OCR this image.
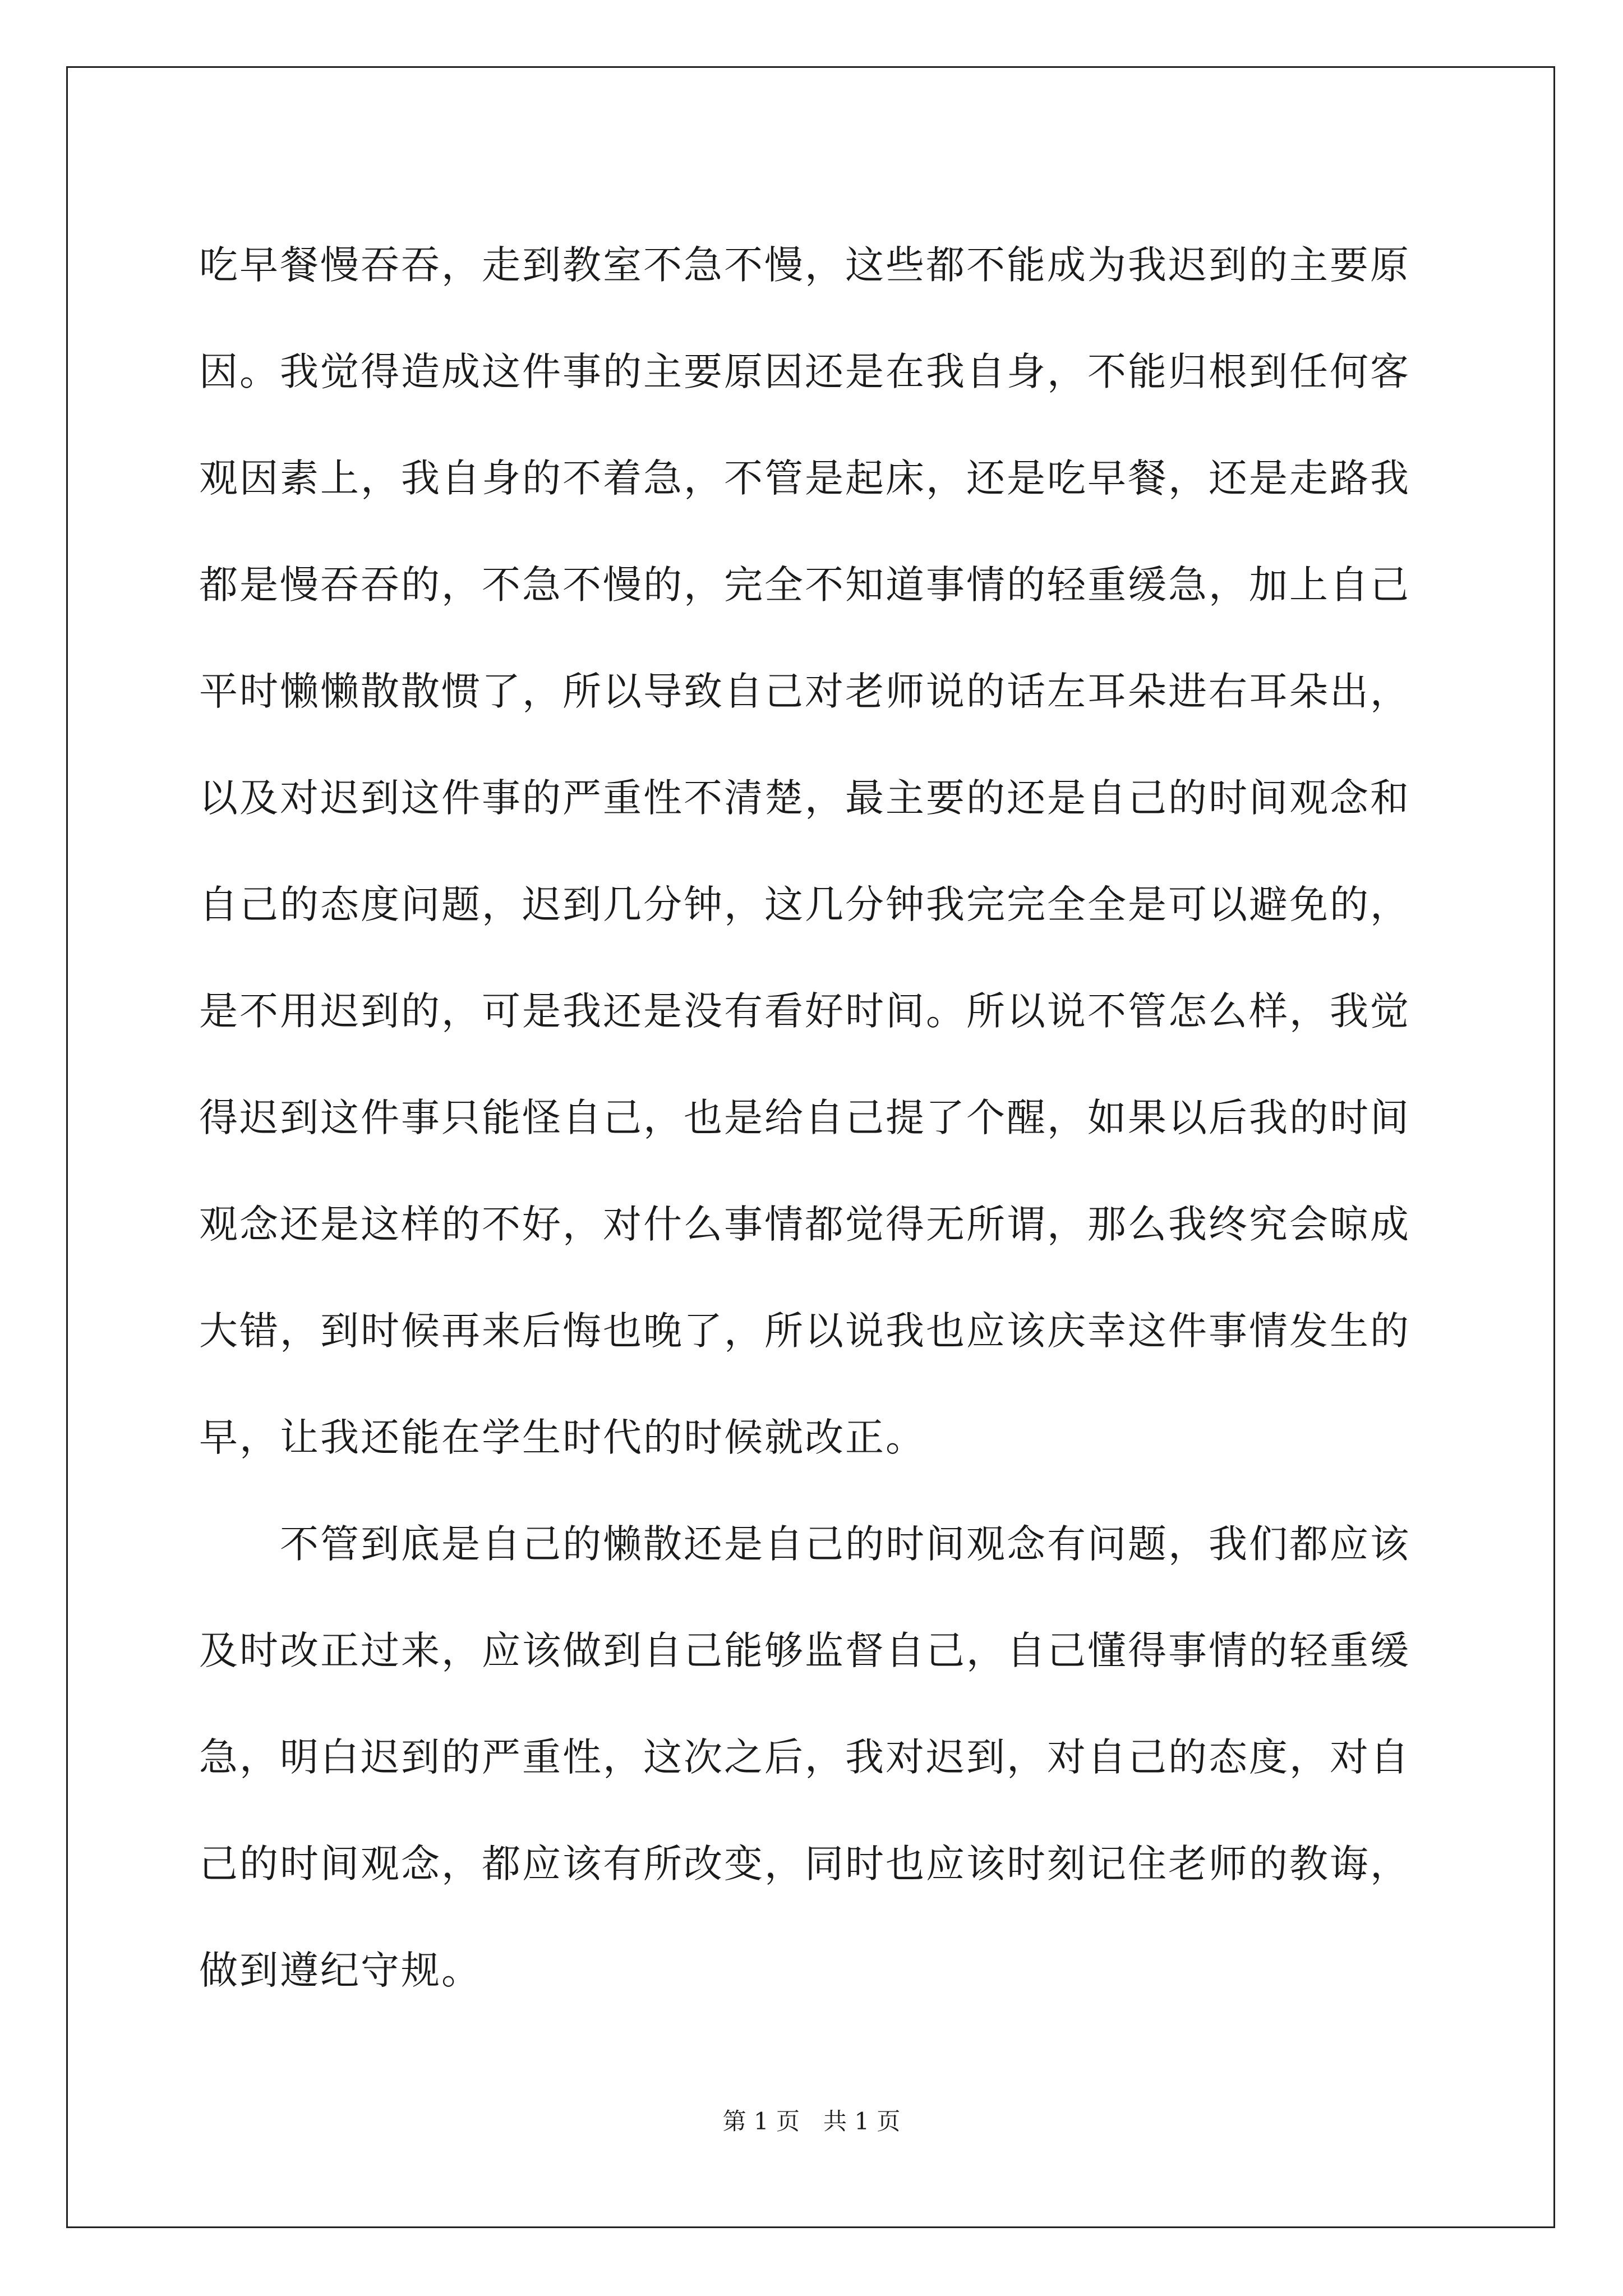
吃早餐慢吞吞，走到教室不急不慢，这些都不能成为我迟到的主要原
因。我觉得造成这件事的主要原因还是在我自身，不能归根到任何客
观因素上，我自身的不着急，不管是起床，还是吃早餐，还是走路我
都是慢吞吞的，不急不慢的，完全不知道事情的轻重缓急，加上自己
平时懒懒散散惯了，所以导致自己对老师说的话左耳朵进右耳朵出，
以及对迟到这件事的严重性不清楚，最主要的还是自己的时间观念和
自己的态度问题，迟到几分钟，这几分钟我完完全全是可以避免的，
是不用迟到的，可是我还是没有看好时间。所以说不管怎么样，我觉
得迟到这件事只能怪自己，也是给自己提了个醒，如果以后我的时间
观念还是这样的不好，对什么事情都觉得无所谓，那么我终究会晾成
大错，到时候再来后悔也晚了，所以说我也应该庆幸这件事情发生的
早，让我还能在学生时代的时候就改正。

　　不管到底是自己的懒散还是自己的时间观念有问题，我们都应该
及时改正过来，应该做到自己能够监督自己，自己懂得事情的轻重缓
急，明白迟到的严重性，这次之后，我对迟到，对自己的态度，对自
己的时间观念，都应该有所改变，同时也应该时刻记住老师的教诲，
做到遵纪守规。

第 1 页　共 1 页
